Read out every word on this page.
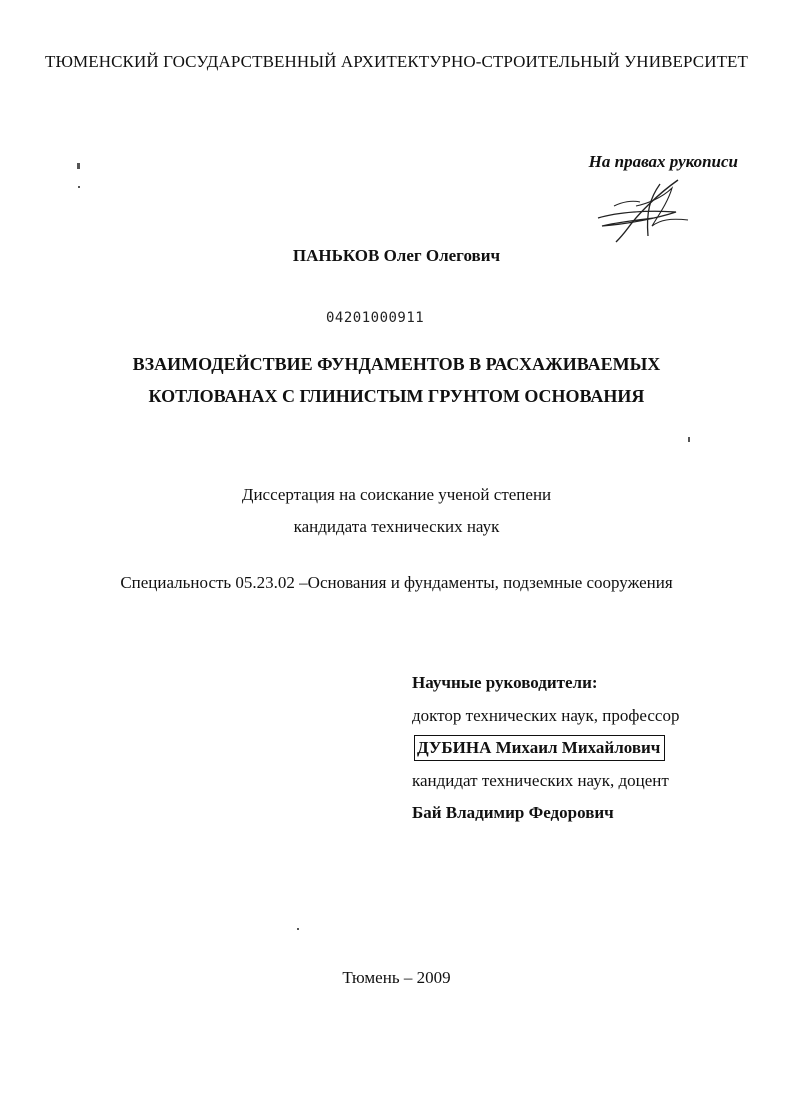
ТЮМЕНСКИЙ ГОСУДАРСТВЕННЫЙ АРХИТЕКТУРНО-СТРОИТЕЛЬНЫЙ УНИВЕРСИТЕТ
На правах рукописи
ПАНЬКОВ Олег Олегович
04201000911
ВЗАИМОДЕЙСТВИЕ ФУНДАМЕНТОВ В РАСХАЖИВАЕМЫХ
КОТЛОВАНАХ С ГЛИНИСТЫМ ГРУНТОМ ОСНОВАНИЯ
Диссертация на соискание ученой степени
кандидата технических наук
Специальность 05.23.02 –Основания и фундаменты, подземные сооружения
Научные руководители:
доктор технических наук, профессор
ДУБИНА Михаил Михайлович
кандидат технических наук, доцент
Бай Владимир Федорович
Тюмень – 2009
